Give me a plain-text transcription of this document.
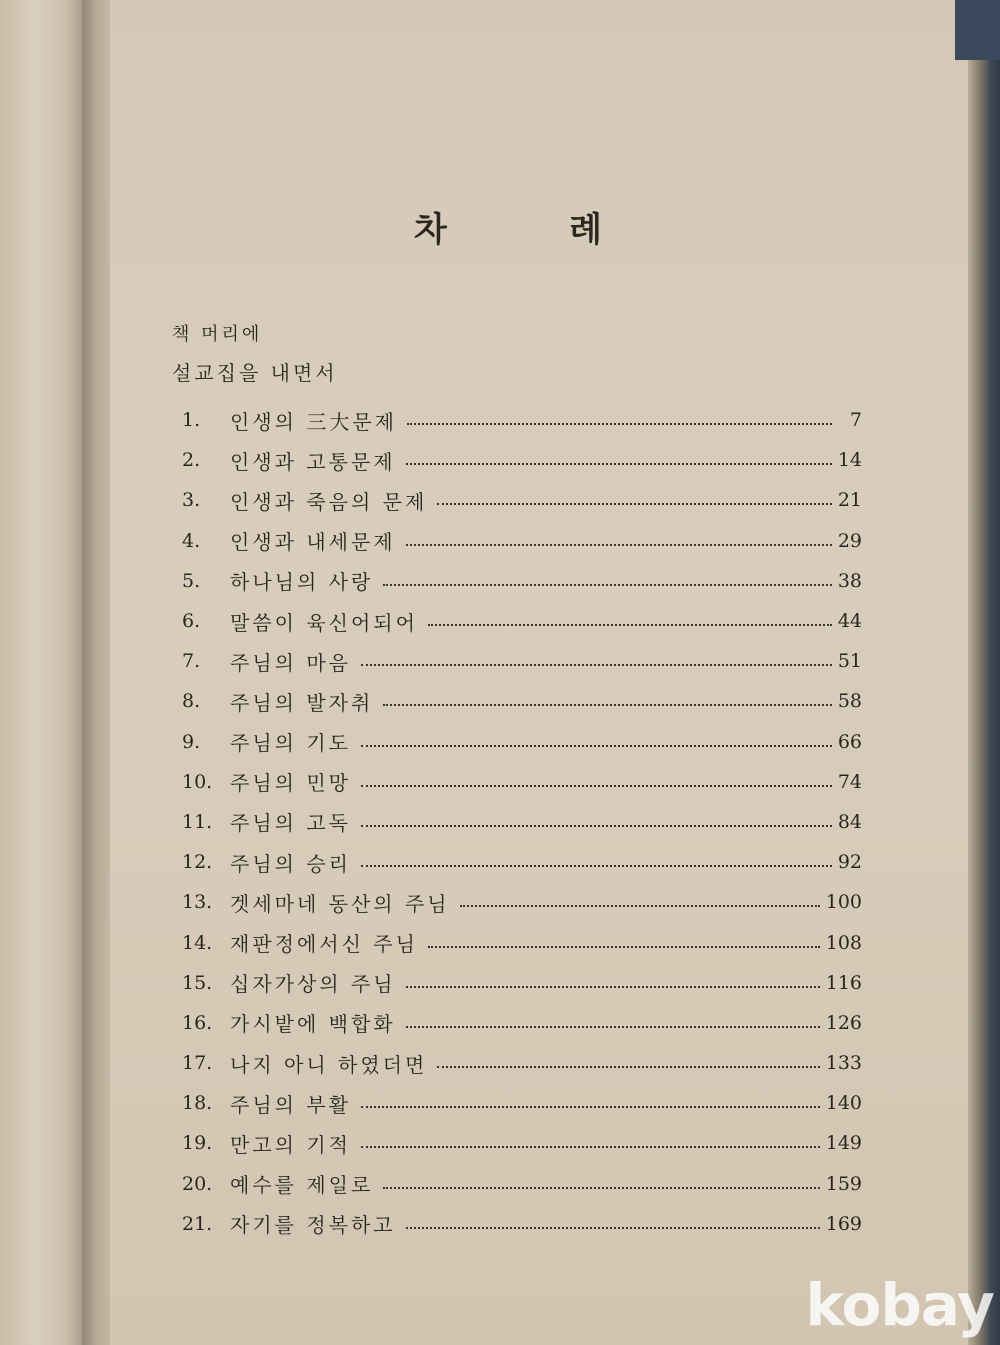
차	례
책 머리에
설교집을 내면서
1.	인생의 三大문제	7
2.	인생과 고통문제	14
3.	인생과 죽음의 문제	21
4.	인생과 내세문제	29
5.	하나님의 사랑	38
6.	말씀이 육신어되어	44
7.	주님의 마음	51
8.	주님의 발자취	58
9.	주님의 기도	66
10. 주님의 민망	74
11. 주님의 고독	84
12. 주님의 승리	92
13. 겟세마네 동산의 주님	100
14. 재판정에서신 주님	108
15. 십자가상의 주님	116
16. 가시밭에 백합화	126
17. 나지 아니 하였더면	133
18. 주님의 부활	140
19. 만고의 기적	149
20. 예수를 제일로	159
21. 자기를 정복하고	169
kobay
